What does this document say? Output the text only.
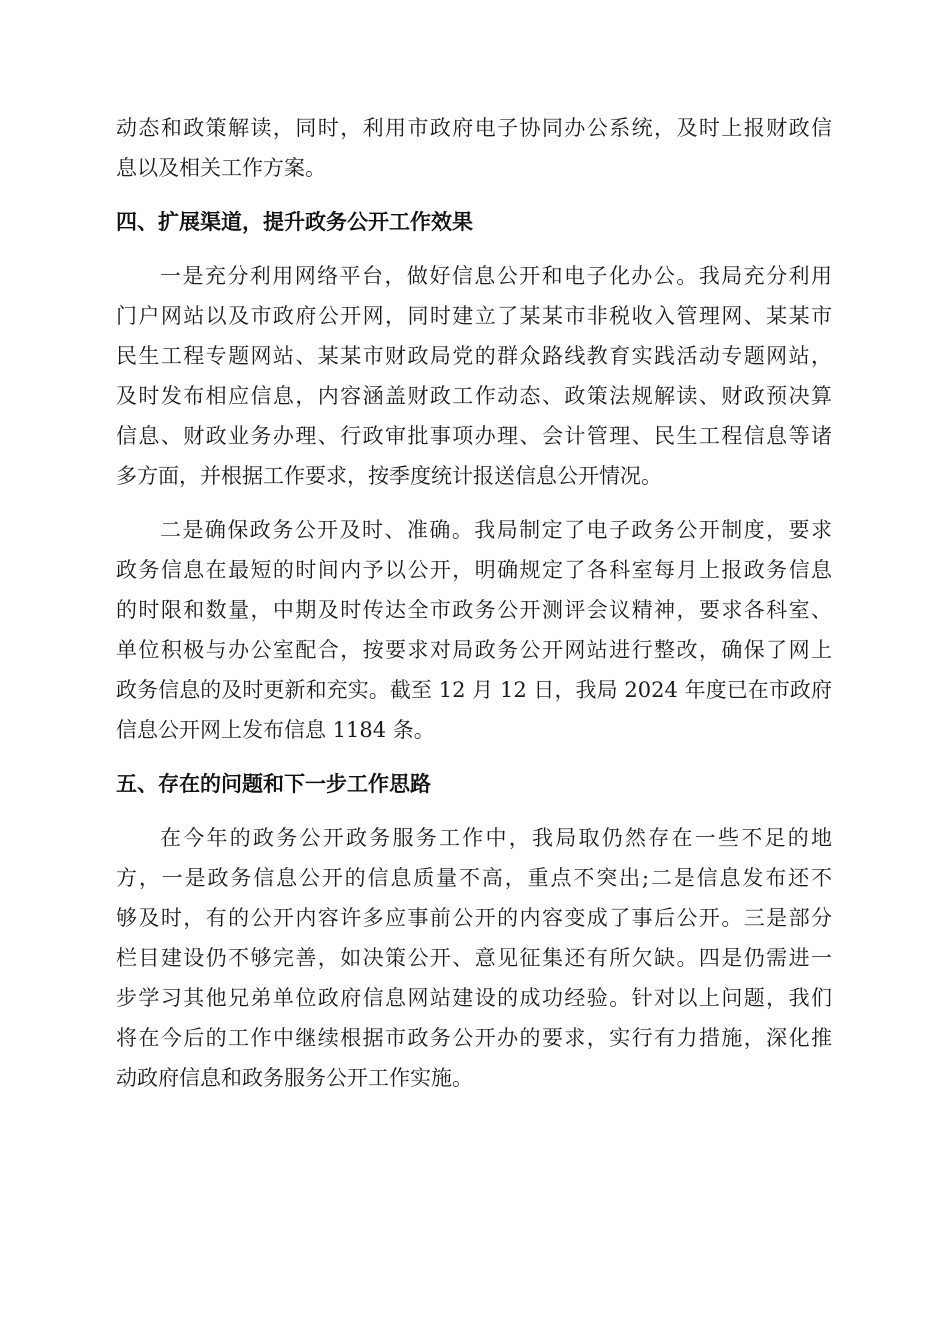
动态和政策解读，同时，利用市政府电子协同办公系统，及时上报财政信
息以及相关工作方案。
四、扩展渠道，提升政务公开工作效果
一是充分利用网络平台，做好信息公开和电子化办公。我局充分利用
门户网站以及市政府公开网，同时建立了某某市非税收入管理网、某某市
民生工程专题网站、某某市财政局党的群众路线教育实践活动专题网站，
及时发布相应信息，内容涵盖财政工作动态、政策法规解读、财政预决算
信息、财政业务办理、行政审批事项办理、会计管理、民生工程信息等诸
多方面，并根据工作要求，按季度统计报送信息公开情况。
二是确保政务公开及时、准确。我局制定了电子政务公开制度，要求
政务信息在最短的时间内予以公开，明确规定了各科室每月上报政务信息
的时限和数量，中期及时传达全市政务公开测评会议精神，要求各科室、
单位积极与办公室配合，按要求对局政务公开网站进行整改，确保了网上
政务信息的及时更新和充实。截至 12 月 12 日，我局 2024 年度已在市政府
信息公开网上发布信息 1184 条。
五、存在的问题和下一步工作思路
在今年的政务公开政务服务工作中，我局取仍然存在一些不足的地
方，一是政务信息公开的信息质量不高，重点不突出;二是信息发布还不
够及时，有的公开内容许多应事前公开的内容变成了事后公开。三是部分
栏目建设仍不够完善，如决策公开、意见征集还有所欠缺。四是仍需进一
步学习其他兄弟单位政府信息网站建设的成功经验。针对以上问题，我们
将在今后的工作中继续根据市政务公开办的要求，实行有力措施，深化推
动政府信息和政务服务公开工作实施。
